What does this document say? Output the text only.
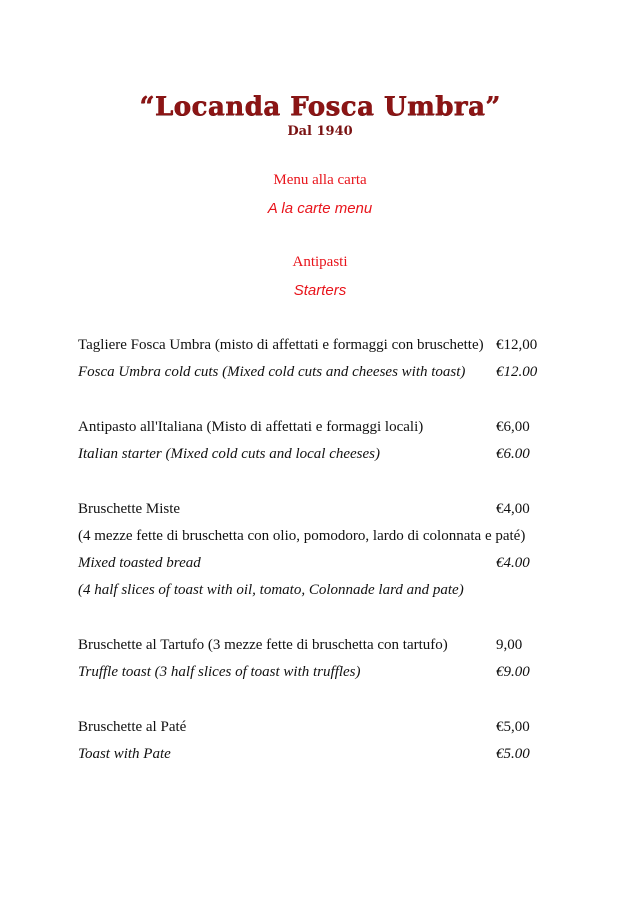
“Locanda Fosca Umbra”
Dal 1940
Menu alla carta
A la carte menu
Antipasti
Starters
Tagliere Fosca Umbra (misto di affettati e formaggi con bruschette) €12,00
Fosca Umbra cold cuts (Mixed cold cuts and cheeses with toast) €12.00
Antipasto all'Italiana (Misto di affettati e formaggi locali)	€6,00
Italian starter (Mixed cold cuts and local cheeses)	€6.00
Bruschette Miste	€4,00
(4 mezze fette di bruschetta con olio, pomodoro, lardo di colonnata e paté)
Mixed toasted bread	€4.00
(4 half slices of toast with oil, tomato, Colonnade lard and pate)
Bruschette al Tartufo (3 mezze fette di bruschetta con tartufo)	9,00
Truffle toast (3 half slices of toast with truffles)	€9.00
Bruschette al Paté	€5,00
Toast with Pate	€5.00
